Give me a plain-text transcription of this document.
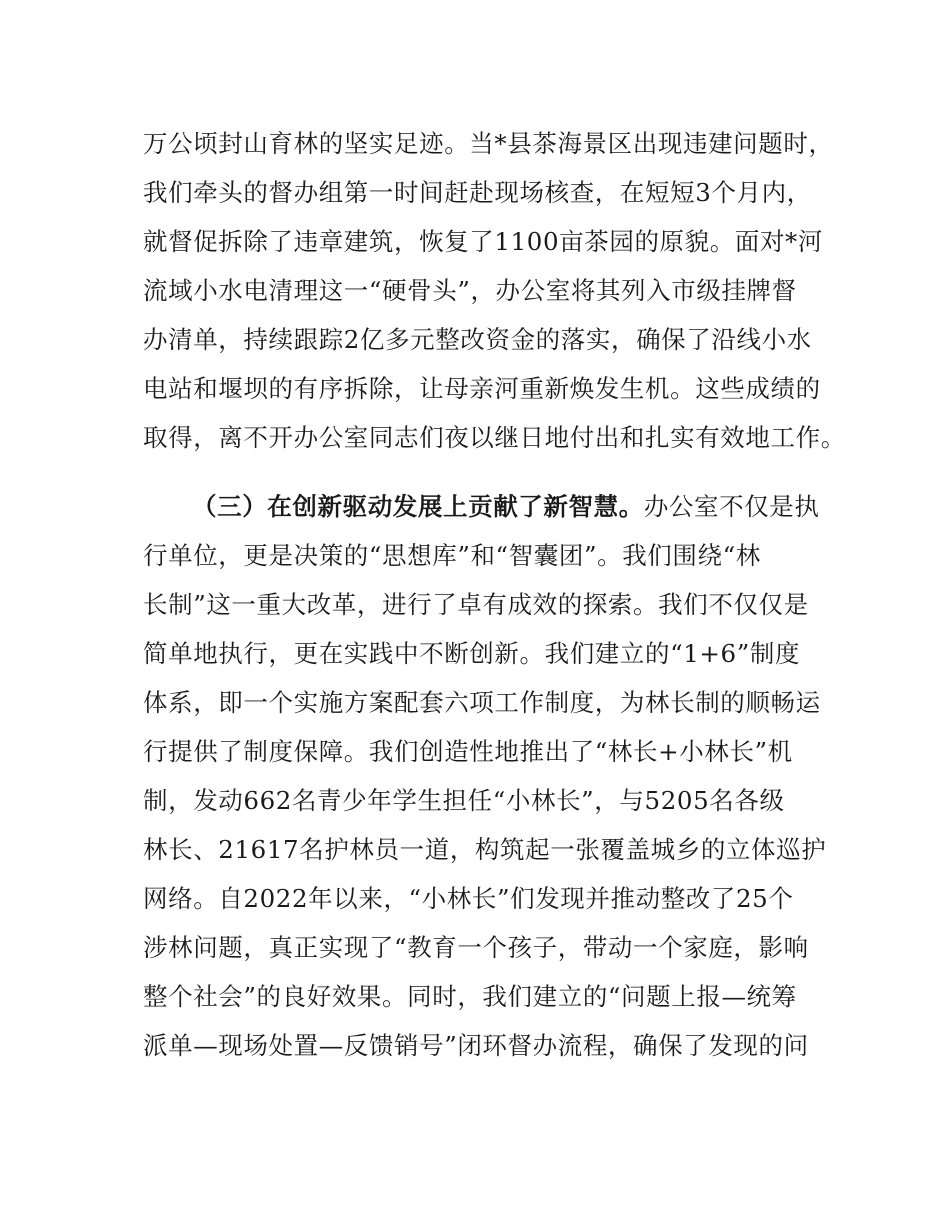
万公顷封山育林的坚实足迹。当*县茶海景区出现违建问题时，
我们牵头的督办组第一时间赶赴现场核查，在短短3个月内，
就督促拆除了违章建筑，恢复了1100亩茶园的原貌。面对*河
流域小水电清理这一“硬骨头”，办公室将其列入市级挂牌督
办清单，持续跟踪2亿多元整改资金的落实，确保了沿线小水
电站和堰坝的有序拆除，让母亲河重新焕发生机。这些成绩的
取得，离不开办公室同志们夜以继日地付出和扎实有效地工作。
（三）在创新驱动发展上贡献了新智慧。办公室不仅是执
行单位，更是决策的“思想库”和“智囊团”。我们围绕“林
长制”这一重大改革，进行了卓有成效的探索。我们不仅仅是
简单地执行，更在实践中不断创新。我们建立的“1+6”制度
体系，即一个实施方案配套六项工作制度，为林长制的顺畅运
行提供了制度保障。我们创造性地推出了“林长+小林长”机
制，发动662名青少年学生担任“小林长”，与5205名各级
林长、21617名护林员一道，构筑起一张覆盖城乡的立体巡护
网络。自2022年以来，“小林长”们发现并推动整改了25个
涉林问题，真正实现了“教育一个孩子，带动一个家庭，影响
整个社会”的良好效果。同时，我们建立的“问题上报—统筹
派单—现场处置—反馈销号”闭环督办流程，确保了发现的问
